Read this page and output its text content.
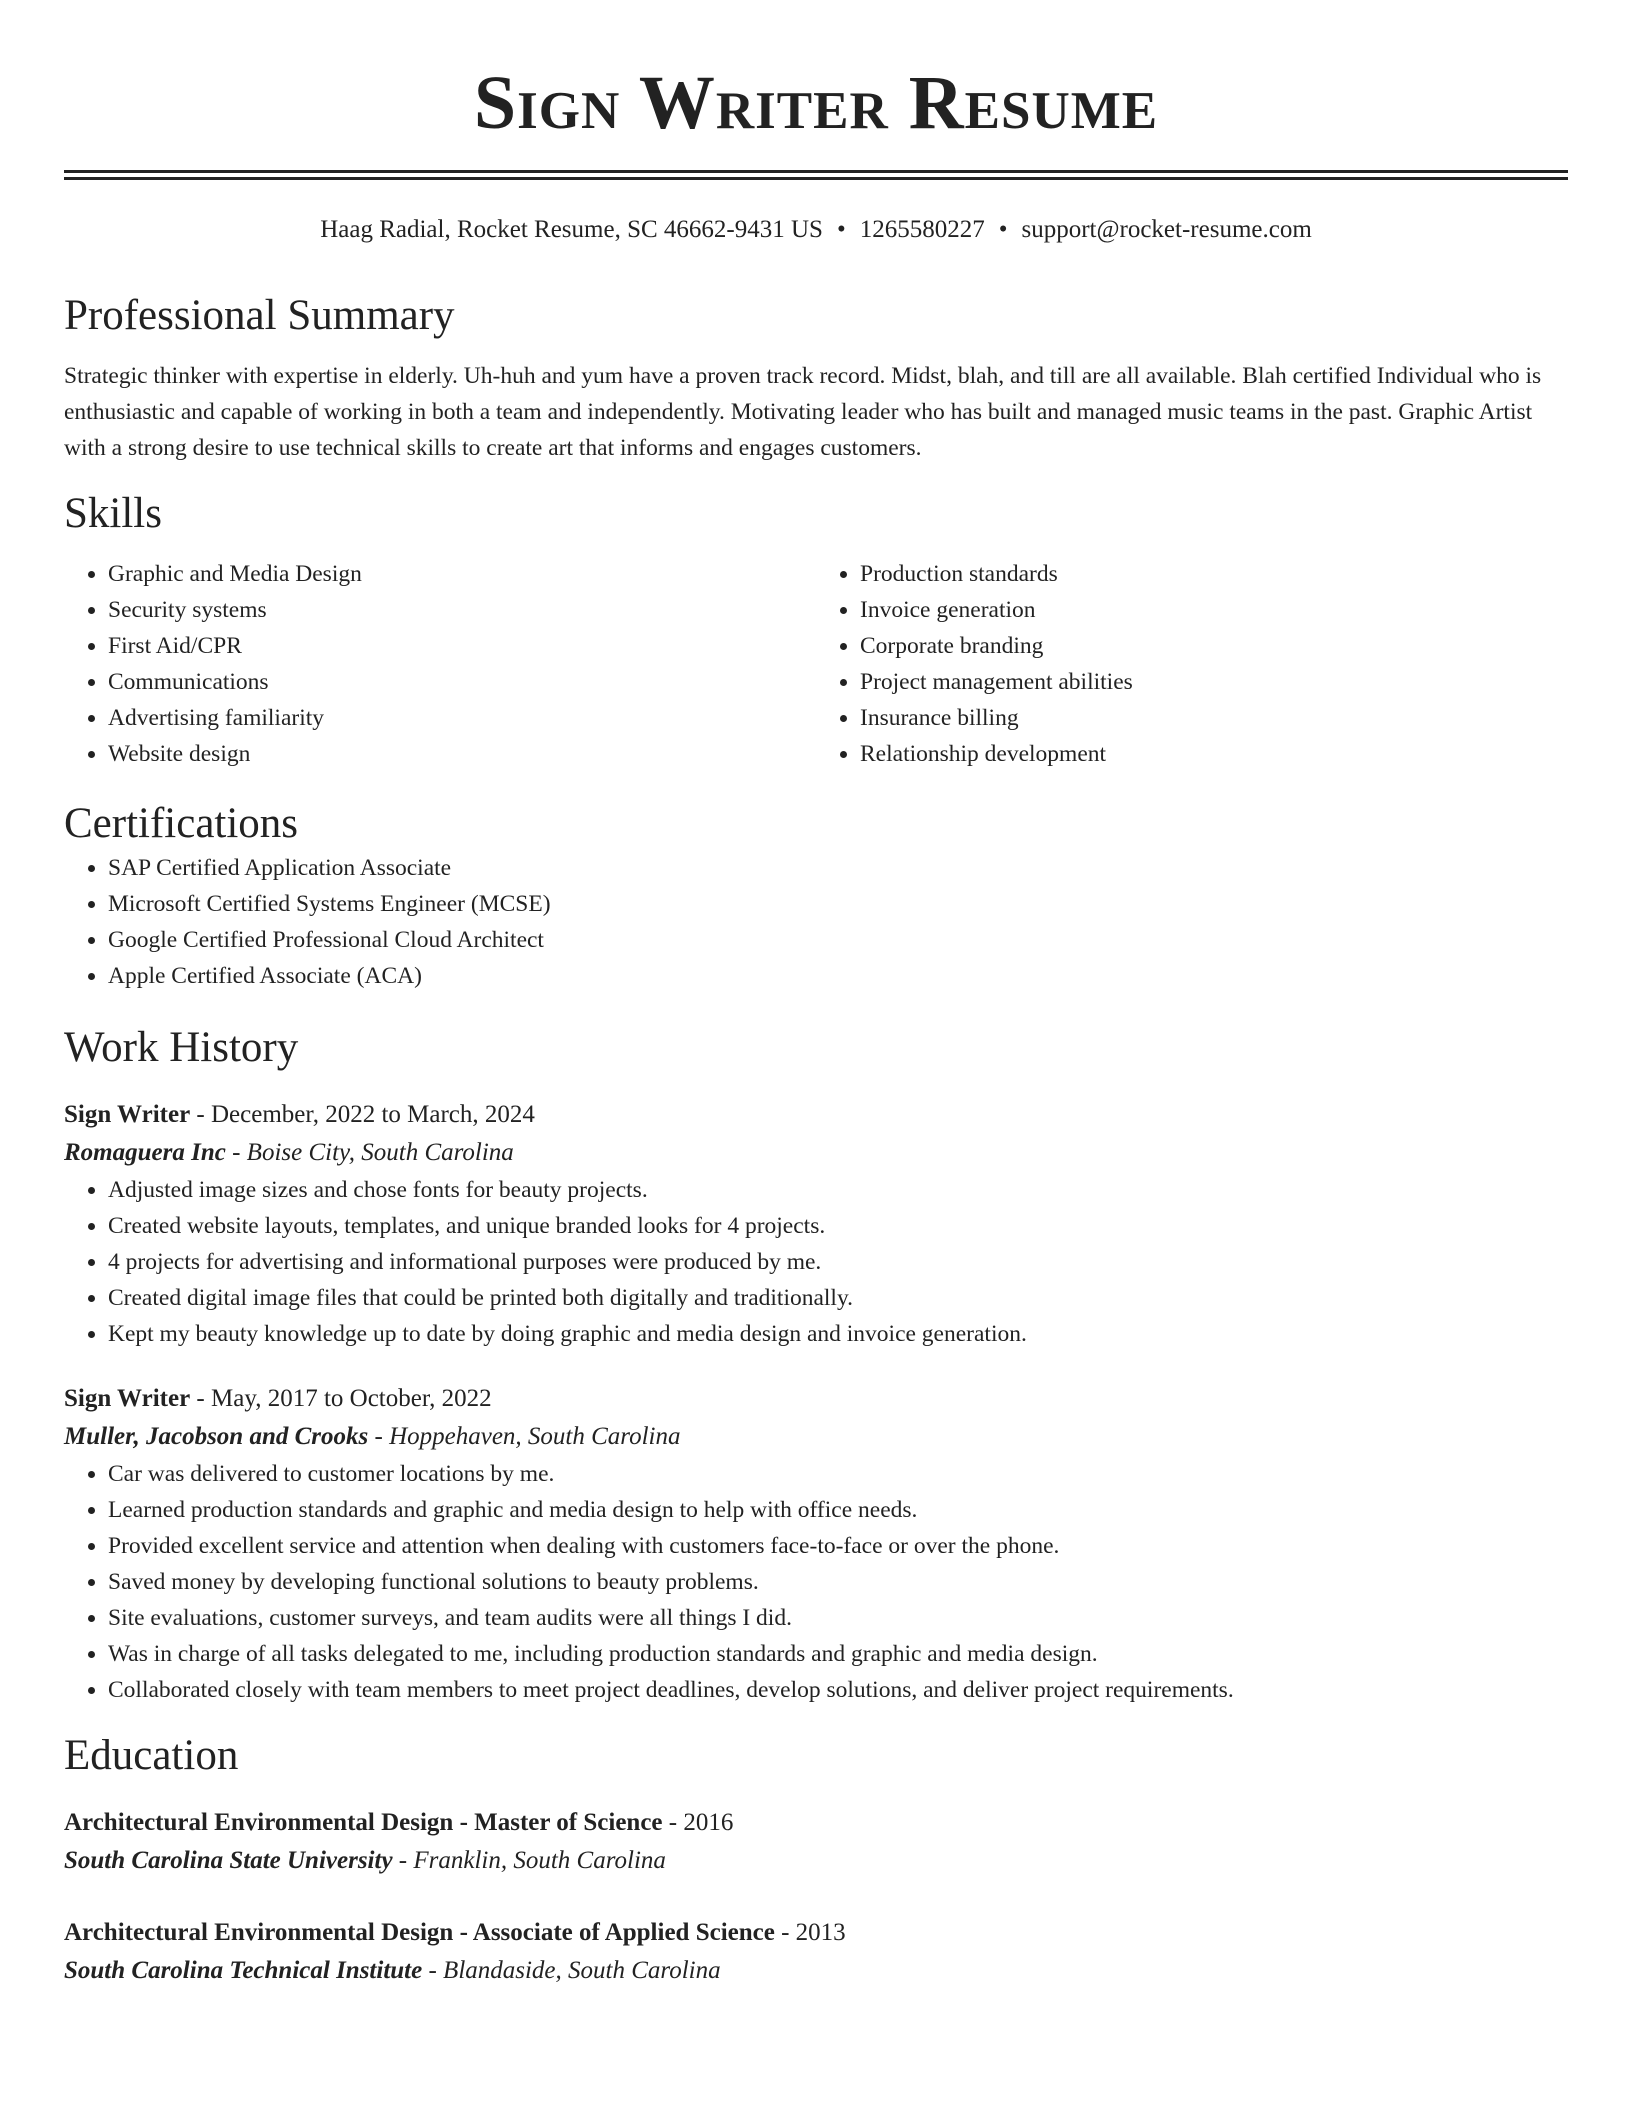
Sign Writer Resume
Haag Radial, Rocket Resume, SC 46662-9431 US • 1265580227 • support@rocket-resume.com
Professional Summary

Strategic thinker with expertise in elderly. Uh-huh and yum have a proven track record. Midst, blah, and till are all available. Blah certified Individual who is enthusiastic and capable of working in both a team and independently. Motivating leader who has built and managed music teams in the past. Graphic Artist with a strong desire to use technical skills to create art that informs and engages customers.

Skills
• Graphic and Media Design
• Security systems
• First Aid/CPR
• Communications
• Advertising familiarity
• Website design
• Production standards
• Invoice generation
• Corporate branding
• Project management abilities
• Insurance billing
• Relationship development
Certifications
• SAP Certified Application Associate
• Microsoft Certified Systems Engineer (MCSE)
• Google Certified Professional Cloud Architect
• Apple Certified Associate (ACA)
Work History
Sign Writer - December, 2022 to March, 2024
Romaguera Inc - Boise City, South Carolina
• Adjusted image sizes and chose fonts for beauty projects.
• Created website layouts, templates, and unique branded looks for 4 projects.
• 4 projects for advertising and informational purposes were produced by me.
• Created digital image files that could be printed both digitally and traditionally.
• Kept my beauty knowledge up to date by doing graphic and media design and invoice generation.
Sign Writer - May, 2017 to October, 2022
Muller, Jacobson and Crooks - Hoppehaven, South Carolina
• Car was delivered to customer locations by me.
• Learned production standards and graphic and media design to help with office needs.
• Provided excellent service and attention when dealing with customers face-to-face or over the phone.
• Saved money by developing functional solutions to beauty problems.
• Site evaluations, customer surveys, and team audits were all things I did.
• Was in charge of all tasks delegated to me, including production standards and graphic and media design.
• Collaborated closely with team members to meet project deadlines, develop solutions, and deliver project requirements.
Education
Architectural Environmental Design - Master of Science - 2016
South Carolina State University - Franklin, South Carolina
Architectural Environmental Design - Associate of Applied Science - 2013
South Carolina Technical Institute - Blandaside, South Carolina
